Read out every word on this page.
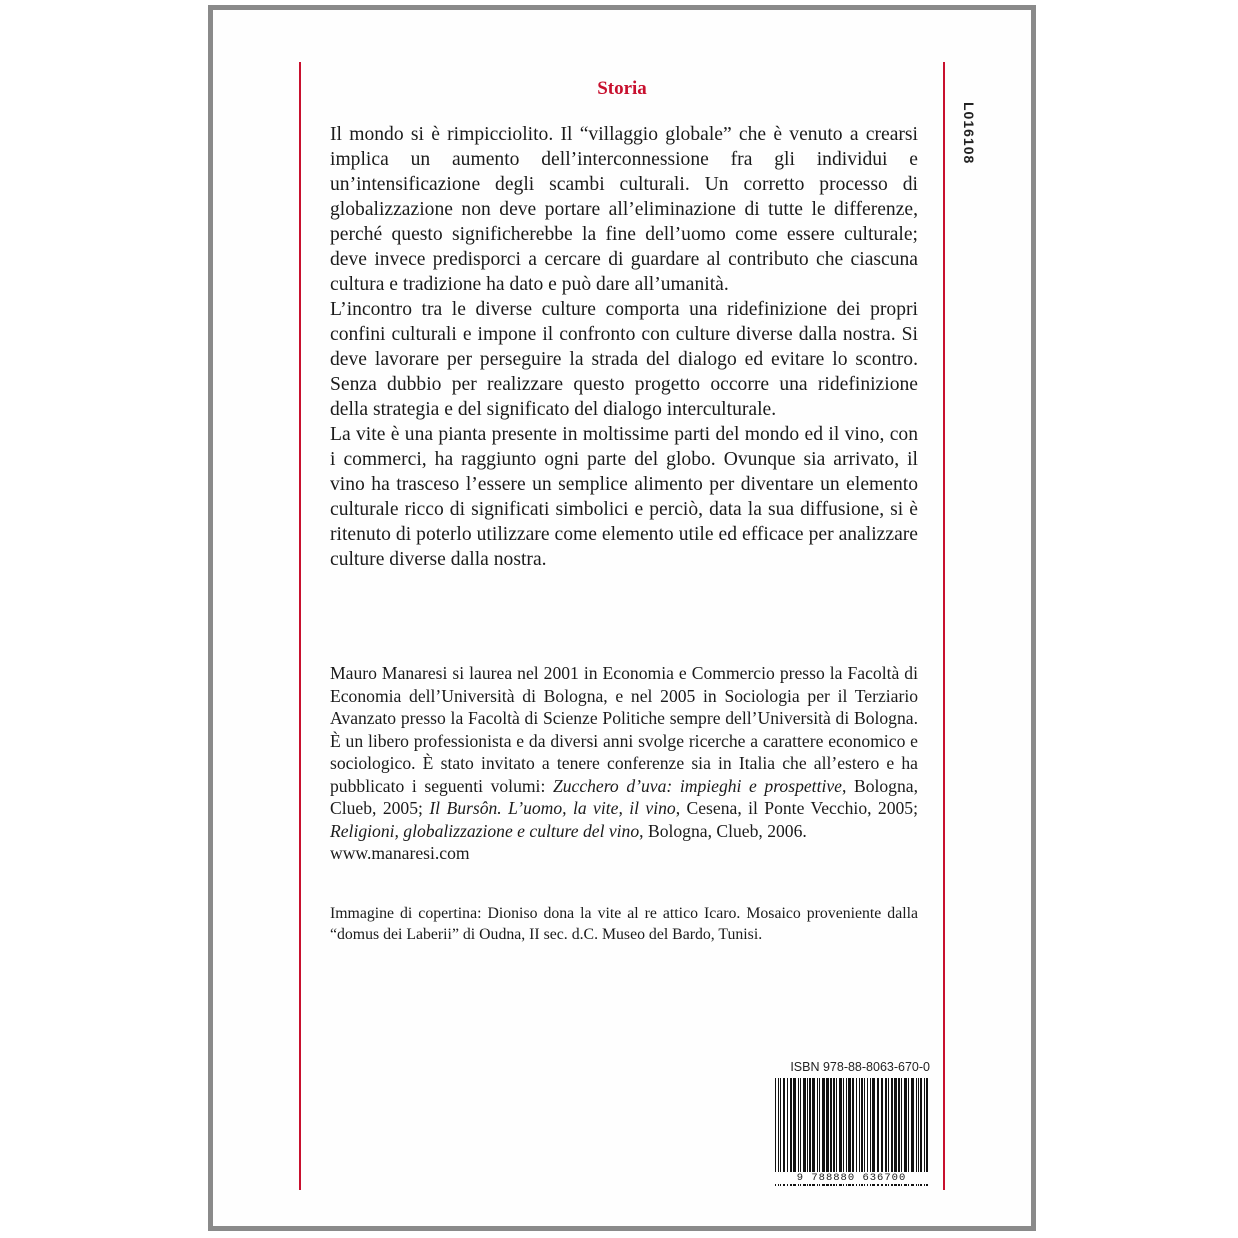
L016108
Storia

Il mondo si è rimpicciolito. Il “villaggio globale” che è venuto a crearsi implica un aumento dell’interconnessione fra gli individui e un’intensificazione degli scambi culturali. Un corretto processo di globalizzazione non deve portare all’eliminazione di tutte le differenze, perché questo significherebbe la fine dell’uomo come essere culturale; deve invece predisporci a cercare di guardare al contributo che ciascuna cultura e tradizione ha dato e può dare all’umanità.

L’incontro tra le diverse culture comporta una ridefinizione dei propri confini culturali e impone il confronto con culture diverse dalla nostra. Si deve lavorare per perseguire la strada del dialogo ed evitare lo scontro. Senza dubbio per realizzare questo progetto occorre una ridefinizione della strategia e del significato del dialogo interculturale.

La vite è una pianta presente in moltissime parti del mondo ed il vino, con i commerci, ha raggiunto ogni parte del globo. Ovunque sia arrivato, il vino ha trasceso l’essere un semplice alimento per diventare un elemento culturale ricco di significati simbolici e perciò, data la sua diffusione, si è ritenuto di poterlo utilizzare come elemento utile ed efficace per analizzare culture diverse dalla nostra.

Mauro Manaresi si laurea nel 2001 in Economia e Commercio presso la Facoltà di Economia dell’Università di Bologna, e nel 2005 in Sociologia per il Terziario Avanzato presso la Facoltà di Scienze Politiche sempre dell’Università di Bologna. È un libero professionista e da diversi anni svolge ricerche a carattere economico e sociologico. È stato invitato a tenere conferenze sia in Italia che all’estero e ha pubblicato i seguenti volumi: Zucchero d’uva: impieghi e prospettive, Bologna, Clueb, 2005; Il Bursôn. L’uomo, la vite, il vino, Cesena, il Ponte Vecchio, 2005; Religioni, globalizzazione e culture del vino, Bologna, Clueb, 2006.
www.manaresi.com

Immagine di copertina: Dioniso dona la vite al re attico Icaro. Mosaico proveniente dalla “domus dei Laberii” di Oudna, II sec. d.C. Museo del Bardo, Tunisi.

ISBN 978-88-8063-670-0
9 788880 636700
